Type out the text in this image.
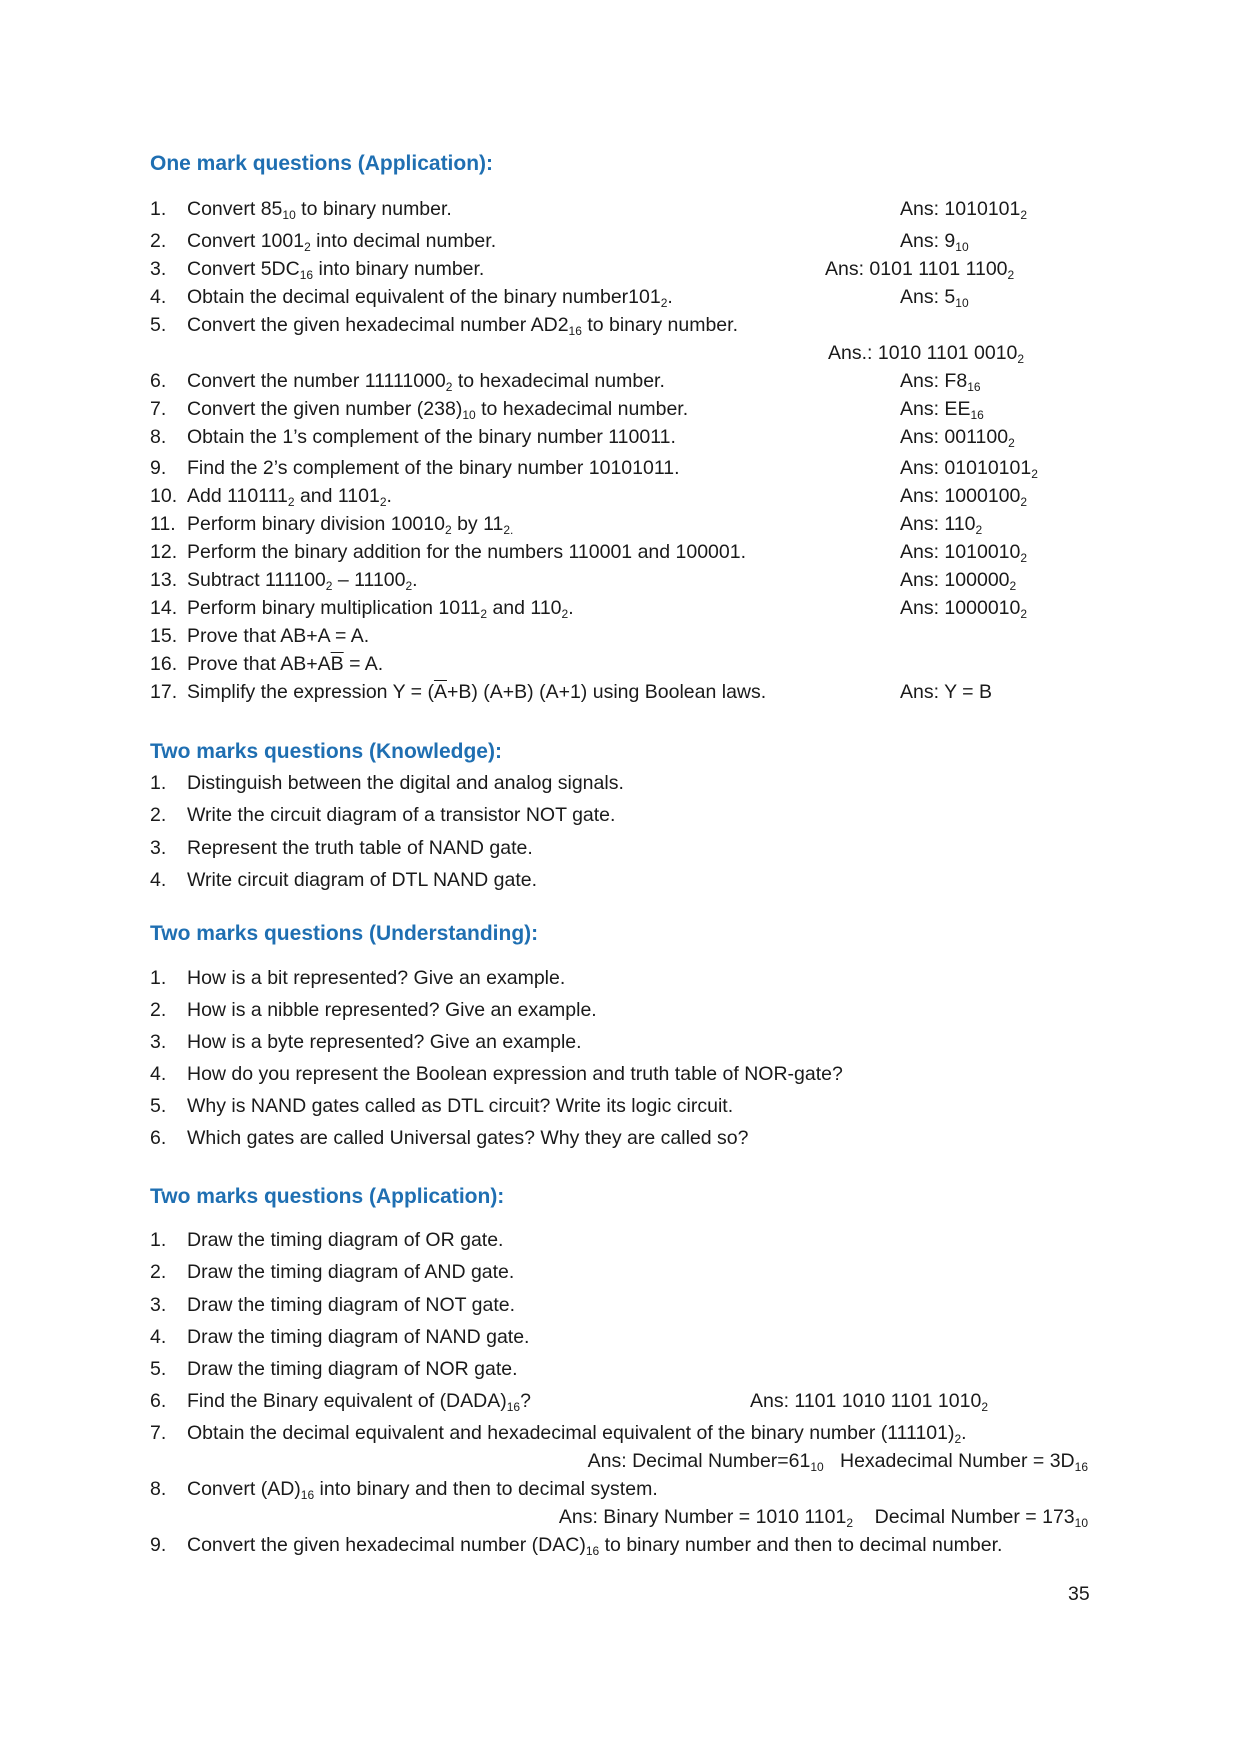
One mark questions (Application):
1. Convert $85_{10}$ to binary number.	Ans: $1010101_2$
2. Convert $1001_2$ into decimal number.	Ans: $9_{10}$
3. Convert $5DC_{16}$ into binary number.	Ans: 0101 1101 $1100_2$
4. Obtain the decimal equivalent of the binary $number101_2$.	Ans: $5_{10}$
5. Convert the given hexadecimal number $AD2_{16}$ to binary number.
Ans.: 1010 1101 $0010_2$
6. Convert the number $11111000_2$ to hexadecimal number.	Ans: $F8_{16}$
7. Convert the given number $(238)_{10}$ to hexadecimal number.	Ans: $EE_{16}$
8. Obtain the 1’s complement of the binary number 110011.	Ans: $001100_2$
9. Find the 2’s complement of the binary number 10101011.	Ans: $01010101_2$
10. Add $110111_2$ and $1101_2$.	Ans: $1000100_2$
11. Perform binary division $10010_2$ by $11_{2.}$	Ans: $110_2$
12. Perform the binary addition for the numbers 110001 and 100001.	Ans: $1010010_2$
13. Subtract $111100_2 - 11100_2$.	Ans: $100000_2$
14. Perform binary multiplication $1011_2$ and $110_2$.	Ans: $1000010_2$
15. Prove that AB+A = A.
16. Prove that $AB+A\overline{B} = A$.
17. Simplify the expression $Y = (\overline{A}+B)$ (A+B) (A+1) using Boolean laws.	Ans: Y = B
Two marks questions (Knowledge):
1. Distinguish between the digital and analog signals.
2. Write the circuit diagram of a transistor NOT gate.
3. Represent the truth table of NAND gate.
4. Write circuit diagram of DTL NAND gate.
Two marks questions (Understanding):
1. How is a bit represented? Give an example.
2. How is a nibble represented? Give an example.
3. How is a byte represented? Give an example.
4. How do you represent the Boolean expression and truth table of NOR-gate?
5. Why is NAND gates called as DTL circuit? Write its logic circuit.
6. Which gates are called Universal gates? Why they are called so?
Two marks questions (Application):
1. Draw the timing diagram of OR gate.
2. Draw the timing diagram of AND gate.
3. Draw the timing diagram of NOT gate.
4. Draw the timing diagram of NAND gate.
5. Draw the timing diagram of NOR gate.
6. Find the Binary equivalent of $(DADA)_{16}$?	Ans: 1101 1010 1101 $1010_2$
7. Obtain the decimal equivalent and hexadecimal equivalent of the binary number $(111101)_2$.
Ans: Decimal $Number=61_{10}$   Hexadecimal Number = $3D_{16}$
8. Convert $(AD)_{16}$ into binary and then to decimal system.
Ans: Binary Number = 1010 $1101_2$    Decimal Number = $173_{10}$
9. Convert the given hexadecimal number $(DAC)_{16}$ to binary number and then to decimal number.
35
